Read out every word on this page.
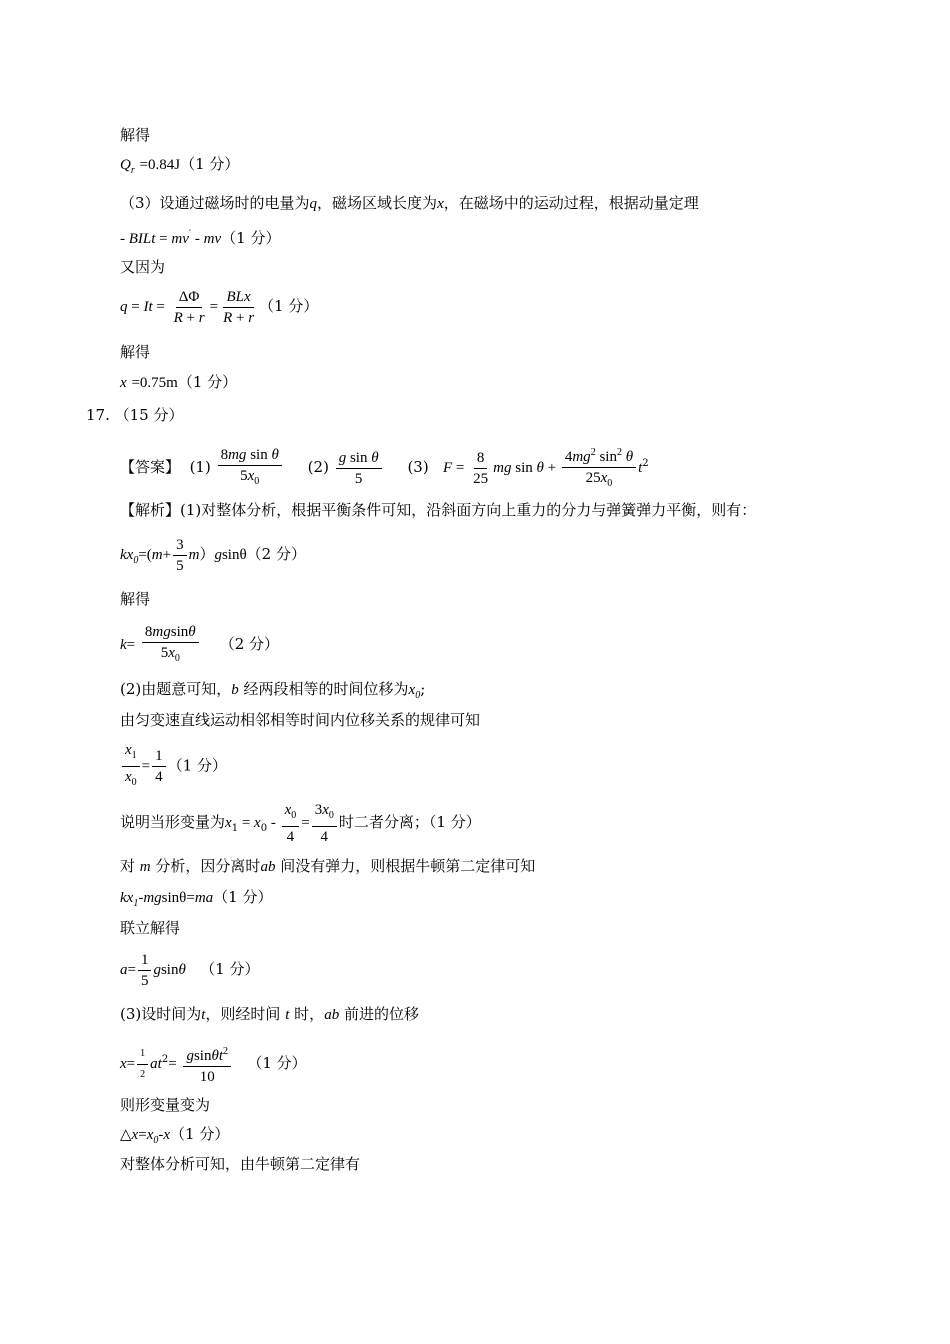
解得
$Q_r =0.84J(1$ 分）
（3）设通过磁场时的电量为q，磁场区域长度为x，在磁场中的运动过程，根据动量定理
- BILt = mv′ - mv（1 分）
又因为
$q = It = \frac{\Delta\Phi}{R + r} = \frac{\text{BLx}}{R + r} (1$ 分）
解得
x =0.75m（1 分）
17. （15 分）
【答案】 $(1) \frac{\text{8mg sin θ}}{5x_0} (2) \frac{\text{g sin θ}}{5} (3) F = \frac{8}{25}$ mg $\sin \theta + \frac{4mg^2 \sin^2 \theta}{25x_0} t^2$
【解析】(1)对整体分析，根据平衡条件可知，沿斜面方向上重力的分力与弹簧弹力平衡，则有：
$kx_0=(m+ \frac{3}{5} m)gsin\theta(2$ 分）
解得
$k= \frac{8mgsin\theta}{5x_0} (2$ 分）
(2)由题意可知，b 经两段相等的时间位移为$x_0$;
由匀变速直线运动相邻相等时间内位移关系的规律可知
$\frac{x_1}{x_0} = \frac{1}{4} (1$ 分）
说明当形变量为$x_1 = x_0 - \frac{x_0}{4} = \frac{3x_0}{4}$ 时二者分离；（1 分）
对 m 分析，因分离时ab 间没有弹力，则根据牛顿第二定律可知
$kx_1-mgsin\theta=ma(1$ 分）
联立解得
$a= \frac{1}{5}$ gsinθ （1 分）
(3)设时间为t，则经时间 t 时，ab 前进的位移
$x= \frac{1}{2} at^2= \frac{gsin\theta t^2}{10} (1$ 分）
则形变量变为
$\triangle x=x_0-x(1$ 分）
对整体分析可知，由牛顿第二定律有
